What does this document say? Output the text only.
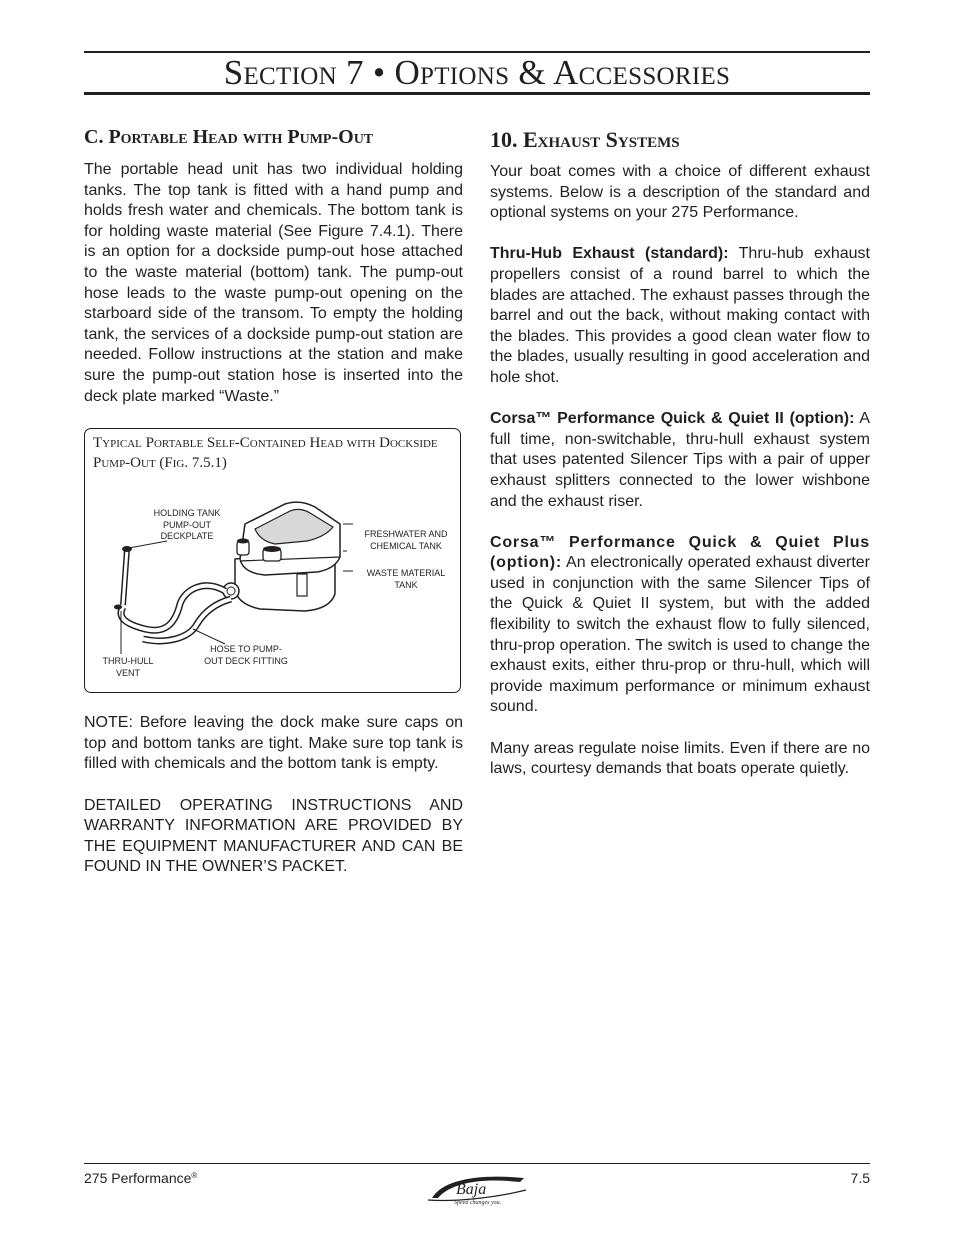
Section 7 • Options & Accessories
C. Portable Head with Pump-Out

The portable head unit has two individual holding tanks. The top tank is fitted with a hand pump and holds fresh water and chemicals. The bottom tank is for holding waste material (See Figure 7.4.1). There is an option for a dockside pump-out hose attached to the waste material (bottom) tank. The pump-out hose leads to the waste pump-out opening on the starboard side of the transom. To empty the holding tank, the services of a dockside pump-out station are needed. Follow instructions at the station and make sure the pump-out station hose is inserted into the deck plate marked “Waste.”

Typical Portable Self-Contained Head with Dockside Pump-Out (Fig. 7.5.1)
HOLDING TANK PUMP-OUT DECKPLATE	FRESHWATER AND CHEMICAL TANK
WASTE MATERIAL TANK
HOSE TO PUMP-OUT DECK FITTING
THRU-HULL VENT

NOTE: Before leaving the dock make sure caps on top and bottom tanks are tight. Make sure top tank is filled with chemicals and the bottom tank is empty.

DETAILED OPERATING INSTRUCTIONS AND WARRANTY INFORMATION ARE PROVIDED BY THE EQUIPMENT MANUFACTURER AND CAN BE FOUND IN THE OWNER’S PACKET.

10. Exhaust Systems

Your boat comes with a choice of different exhaust systems. Below is a description of the standard and optional systems on your 275 Performance.

Thru-Hub Exhaust (standard): Thru-hub exhaust propellers consist of a round barrel to which the blades are attached. The exhaust passes through the barrel and out the back, without making contact with the blades. This provides a good clean water flow to the blades, usually resulting in good acceleration and hole shot.

Corsa™ Performance Quick & Quiet II (option): A full time, non-switchable, thru-hull exhaust system that uses patented Silencer Tips with a pair of upper exhaust splitters connected to the lower wishbone and the exhaust riser.

Corsa™ Performance Quick & Quiet Plus (option): An electronically operated exhaust diverter used in conjunction with the same Silencer Tips of the Quick & Quiet II system, but with the added flexibility to switch the exhaust flow to fully silenced, thru-prop operation. The switch is used to change the exhaust exits, either thru-prop or thru-hull, which will provide maximum performance or minimum exhaust sound.

Many areas regulate noise limits. Even if there are no laws, courtesy demands that boats operate quietly.

275 Performance®
Baja
Speed changes you.
7.5
